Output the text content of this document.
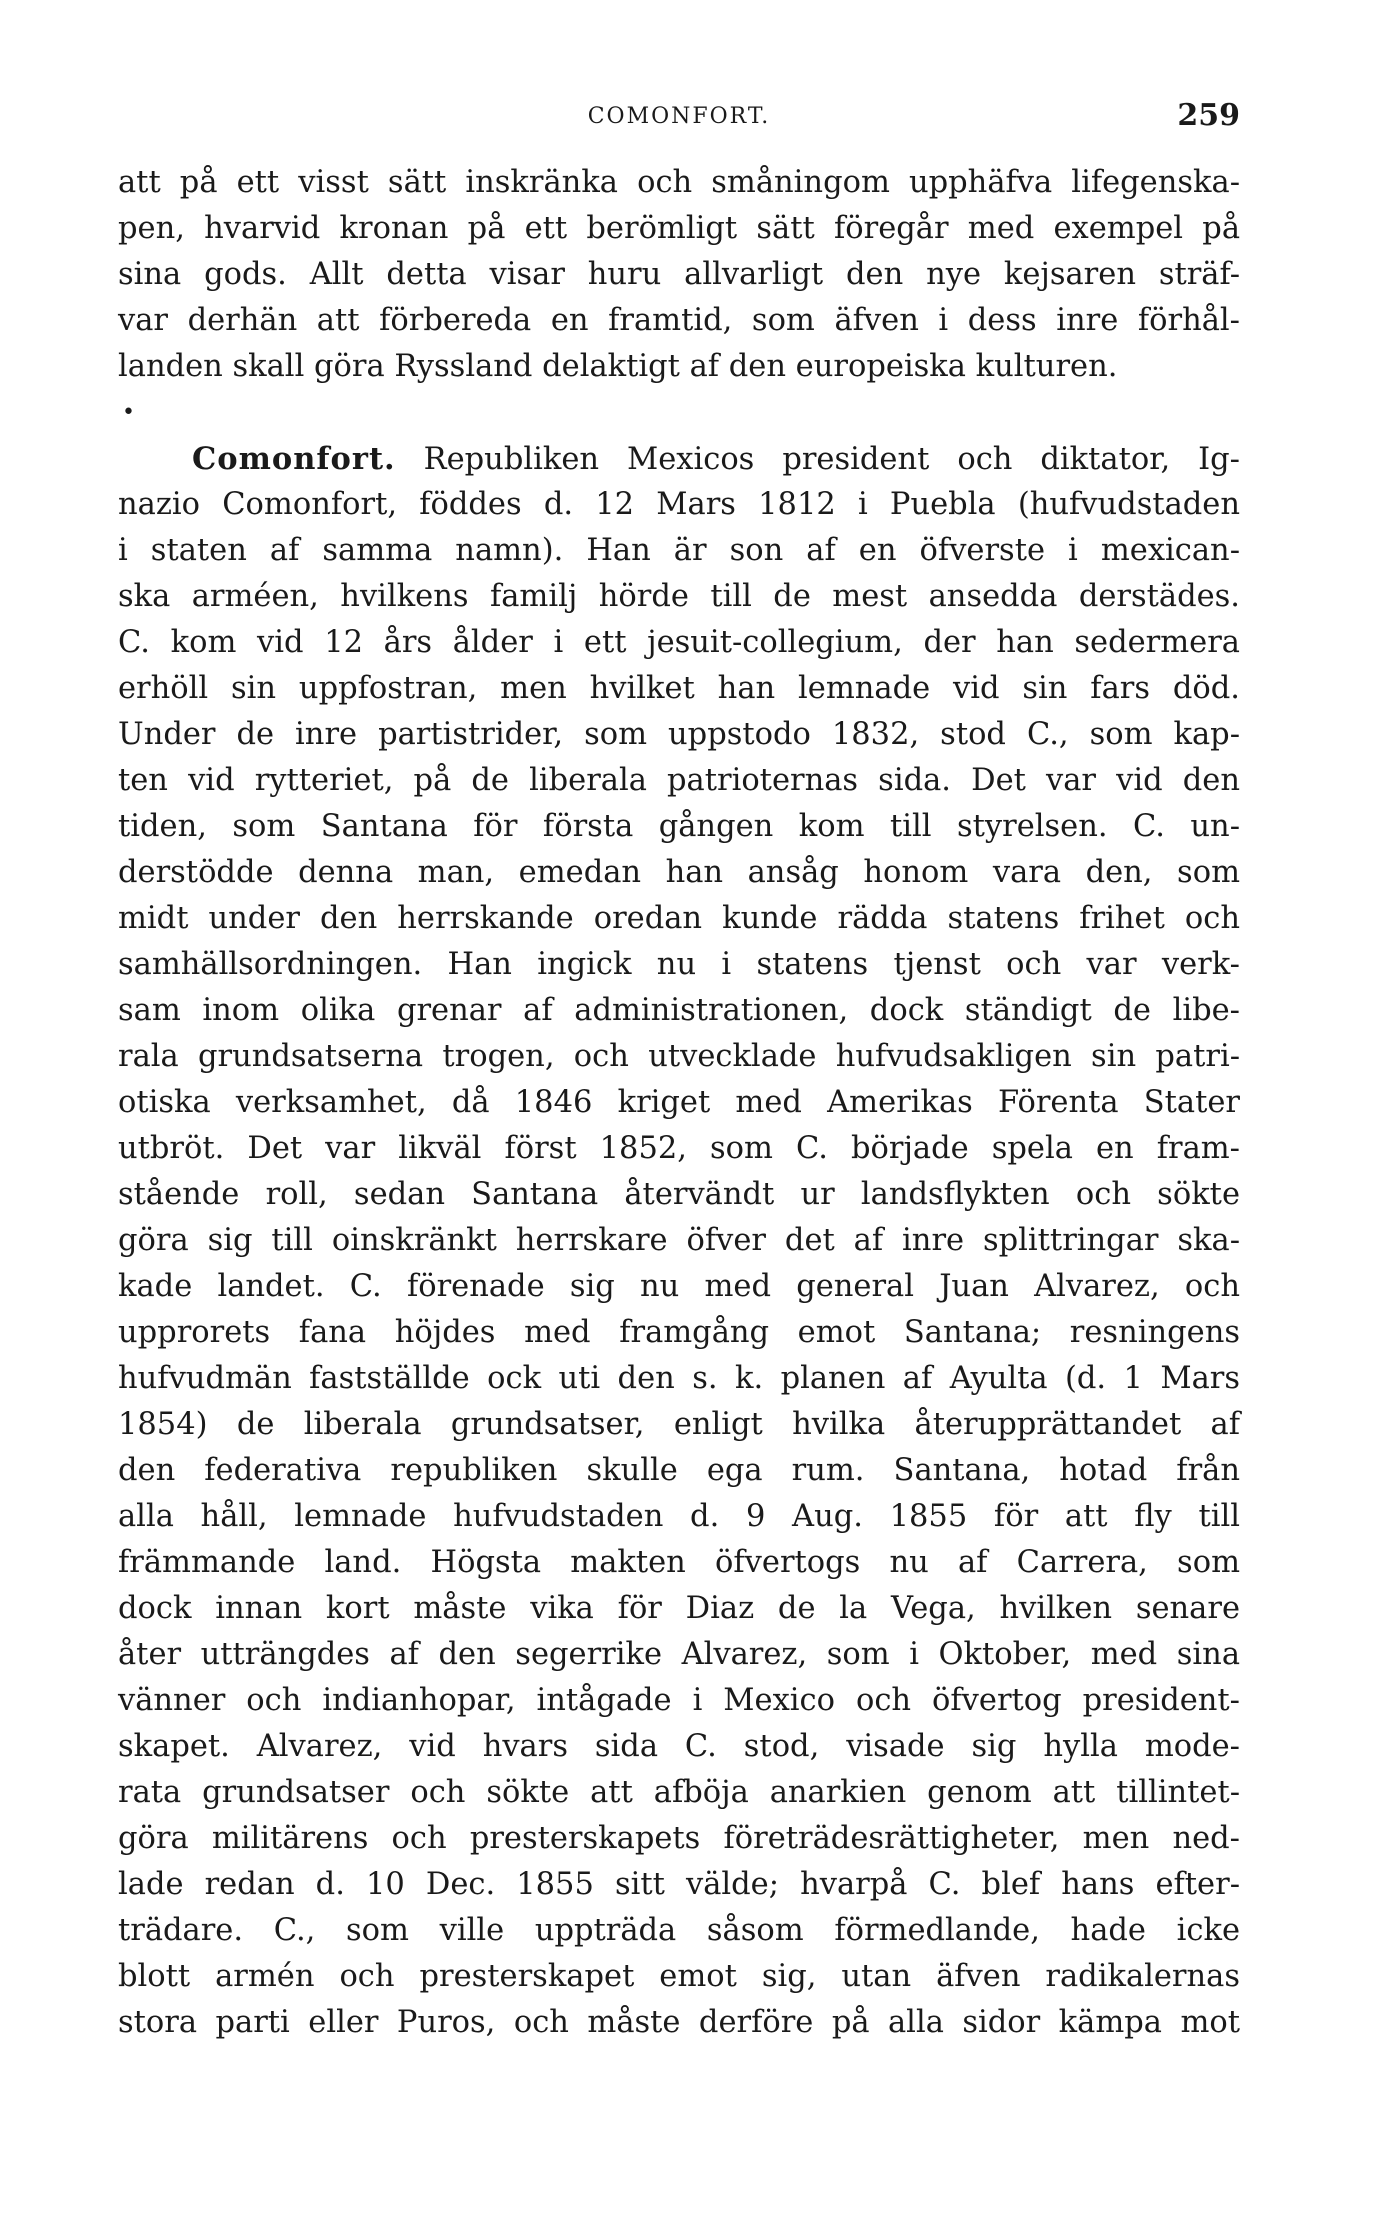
COMONFORT.	259
att på ett visst sätt inskränka och småningom upphäfva lifegenska-
pen, hvarvid kronan på ett berömligt sätt föregår med exempel på
sina gods. Allt detta visar huru allvarligt den nye kejsaren sträf-
var derhän att förbereda en framtid, som äfven i dess inre förhål-
landen skall göra Ryssland delaktigt af den europeiska kulturen.
•
Comonfort. Republiken Mexicos president och diktator, Ig-
nazio Comonfort, föddes d. 12 Mars 1812 i Puebla (hufvudstaden
i staten af samma namn). Han är son af en öfverste i mexican-
ska arméen, hvilkens familj hörde till de mest ansedda derstädes.
C. kom vid 12 års ålder i ett jesuit-collegium, der han sedermera
erhöll sin uppfostran, men hvilket han lemnade vid sin fars död.
Under de inre partistrider, som uppstodo 1832, stod C., som kap-
ten vid rytteriet, på de liberala patrioternas sida. Det var vid den
tiden, som Santana för första gången kom till styrelsen. C. un-
derstödde denna man, emedan han ansåg honom vara den, som
midt under den herrskande oredan kunde rädda statens frihet och
samhällsordningen. Han ingick nu i statens tjenst och var verk-
sam inom olika grenar af administrationen, dock ständigt de libe-
rala grundsatserna trogen, och utvecklade hufvudsakligen sin patri-
otiska verksamhet, då 1846 kriget med Amerikas Förenta Stater
utbröt. Det var likväl först 1852, som C. började spela en fram-
stående roll, sedan Santana återvändt ur landsflykten och sökte
göra sig till oinskränkt herrskare öfver det af inre splittringar ska-
kade landet. C. förenade sig nu med general Juan Alvarez, och
upprorets fana höjdes med framgång emot Santana; resningens
hufvudmän fastställde ock uti den s. k. planen af Ayulta (d. 1 Mars
1854) de liberala grundsatser, enligt hvilka återupprättandet af
den federativa republiken skulle ega rum. Santana, hotad från
alla håll, lemnade hufvudstaden d. 9 Aug. 1855 för att fly till
främmande land. Högsta makten öfvertogs nu af Carrera, som
dock innan kort måste vika för Diaz de la Vega, hvilken senare
åter utträngdes af den segerrike Alvarez, som i Oktober, med sina
vänner och indianhopar, intågade i Mexico och öfvertog president-
skapet. Alvarez, vid hvars sida C. stod, visade sig hylla mode-
rata grundsatser och sökte att afböja anarkien genom att tillintet-
göra militärens och presterskapets företrädesrättigheter, men ned-
lade redan d. 10 Dec. 1855 sitt välde; hvarpå C. blef hans efter-
trädare. C., som ville uppträda såsom förmedlande, hade icke
blott armén och presterskapet emot sig, utan äfven radikalernas
stora parti eller Puros, och måste derföre på alla sidor kämpa mot
